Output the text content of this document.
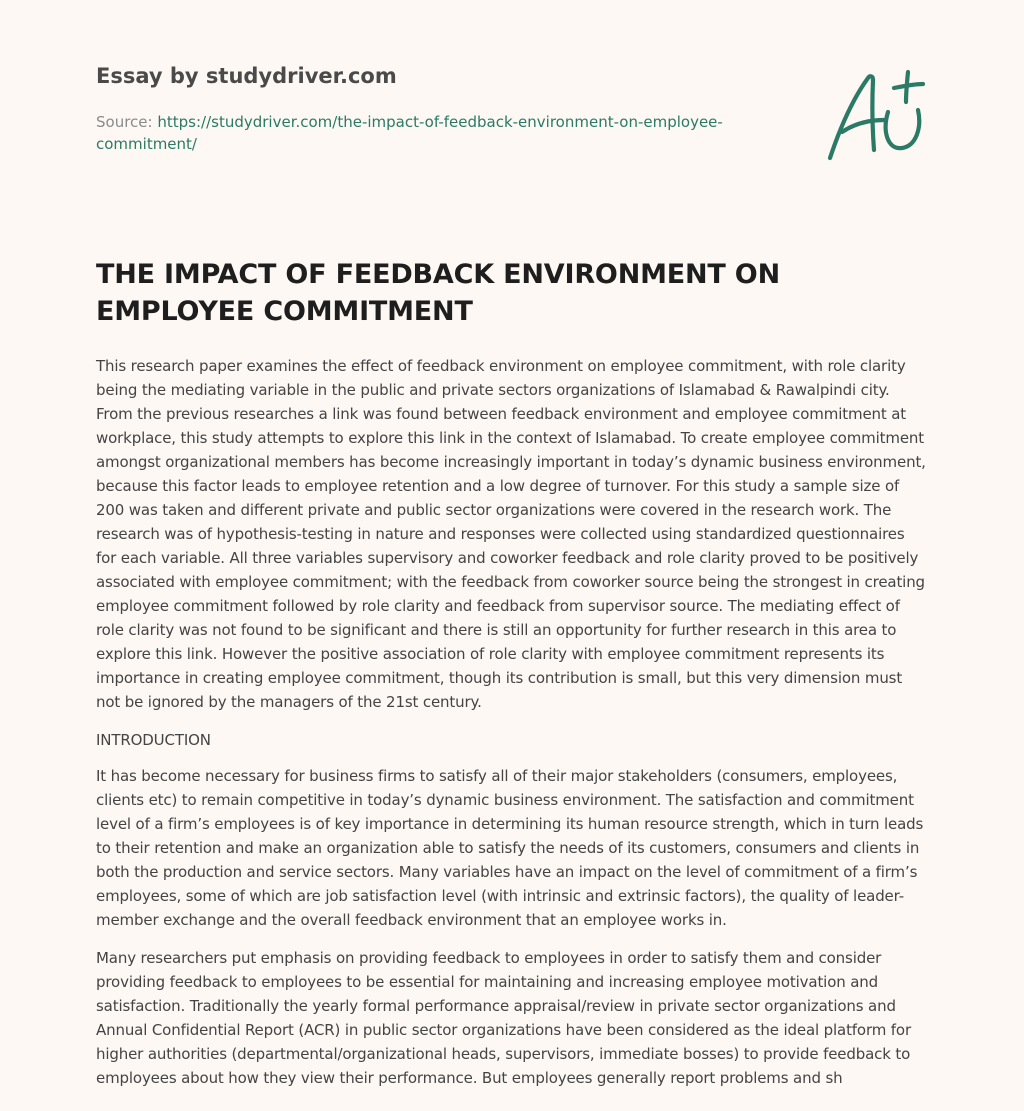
Essay by studydriver.com
Source: https://studydriver.com/the-impact-of-feedback-environment-on-employee-commitment/
THE IMPACT OF FEEDBACK ENVIRONMENT ON EMPLOYEE COMMITMENT

This research paper examines the effect of feedback environment on employee commitment, with role clarity being the mediating variable in the public and private sectors organizations of Islamabad & Rawalpindi city. From the previous researches a link was found between feedback environment and employee commitment at workplace, this study attempts to explore this link in the context of Islamabad. To create employee commitment amongst organizational members has become increasingly important in today’s dynamic business environment, because this factor leads to employee retention and a low degree of turnover. For this study a sample size of 200 was taken and different private and public sector organizations were covered in the research work. The research was of hypothesis-testing in nature and responses were collected using standardized questionnaires for each variable. All three variables supervisory and coworker feedback and role clarity proved to be positively associated with employee commitment; with the feedback from coworker source being the strongest in creating employee commitment followed by role clarity and feedback from supervisor source. The mediating effect of role clarity was not found to be significant and there is still an opportunity for further research in this area to explore this link. However the positive association of role clarity with employee commitment represents its importance in creating employee commitment, though its contribution is small, but this very dimension must not be ignored by the managers of the 21st century.

INTRODUCTION

It has become necessary for business firms to satisfy all of their major stakeholders (consumers, employees, clients etc) to remain competitive in today’s dynamic business environment. The satisfaction and commitment level of a firm’s employees is of key importance in determining its human resource strength, which in turn leads to their retention and make an organization able to satisfy the needs of its customers, consumers and clients in both the production and service sectors. Many variables have an impact on the level of commitment of a firm’s employees, some of which are job satisfaction level (with intrinsic and extrinsic factors), the quality of leader-member exchange and the overall feedback environment that an employee works in.

Many researchers put emphasis on providing feedback to employees in order to satisfy them and consider providing feedback to employees to be essential for maintaining and increasing employee motivation and satisfaction. Traditionally the yearly formal performance appraisal/review in private sector organizations and Annual Confidential Report (ACR) in public sector organizations have been considered as the ideal platform for higher authorities (departmental/organizational heads, supervisors, immediate bosses) to provide feedback to employees about how they view their performance. But employees generally report problems and sh
